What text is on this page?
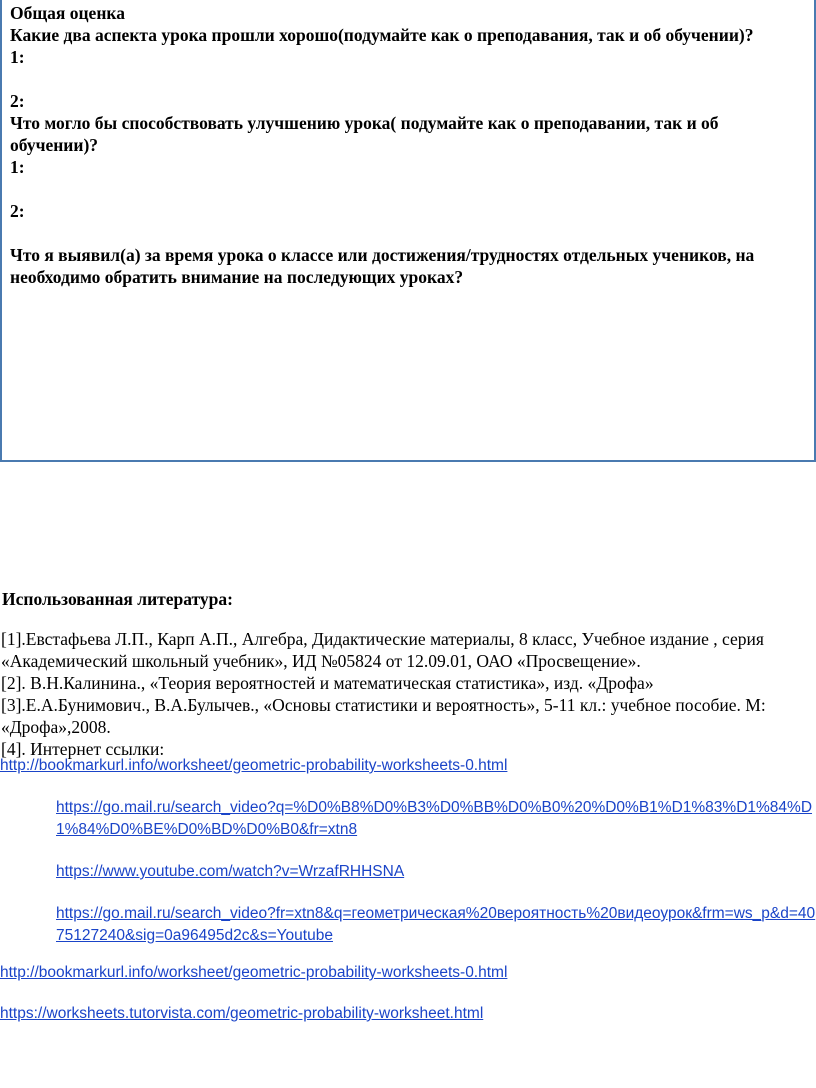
Общая оценка
Какие два аспекта урока прошли хорошо(подумайте как о преподавания, так и об обучении)?
1:
2:
Что могло бы способствовать улучшению урока( подумайте как о преподавании, так и об обучении)?
1:
2:
Что я выявил(а) за время урока о классе или достижения/трудностях отдельных учеников, на необходимо обратить внимание на последующих уроках?
Использованная литература:
[1].Евстафьева Л.П., Карп А.П., Алгебра, Дидактические материалы, 8 класс, Учебное издание , серия «Академический школьный учебник», ИД №05824 от 12.09.01, ОАО «Просвещение».
[2]. В.Н.Калинина., «Теория вероятностей и математическая статистика», изд. «Дрофа»
[3].Е.А.Бунимович., В.А.Булычев., «Основы статистики и вероятность», 5-11 кл.: учебное пособие. М: «Дрофа»,2008.
[4]. Интернет ссылки:
http://bookmarkurl.info/worksheet/geometric-probability-worksheets-0.html
https://go.mail.ru/search_video?q=%D0%B8%D0%B3%D0%BB%D0%B0%20%D0%B1%D1%83%D1%84%D1%84%D0%BE%D0%BD%D0%B0&fr=xtn8
https://www.youtube.com/watch?v=WrzafRHHSNA
https://go.mail.ru/search_video?fr=xtn8&q=геометрическая%20вероятность%20видеоурок&frm=ws_p&d=4075127240&sig=0a96495d2c&s=Youtube
http://bookmarkurl.info/worksheet/geometric-probability-worksheets-0.html
https://worksheets.tutorvista.com/geometric-probability-worksheet.html
